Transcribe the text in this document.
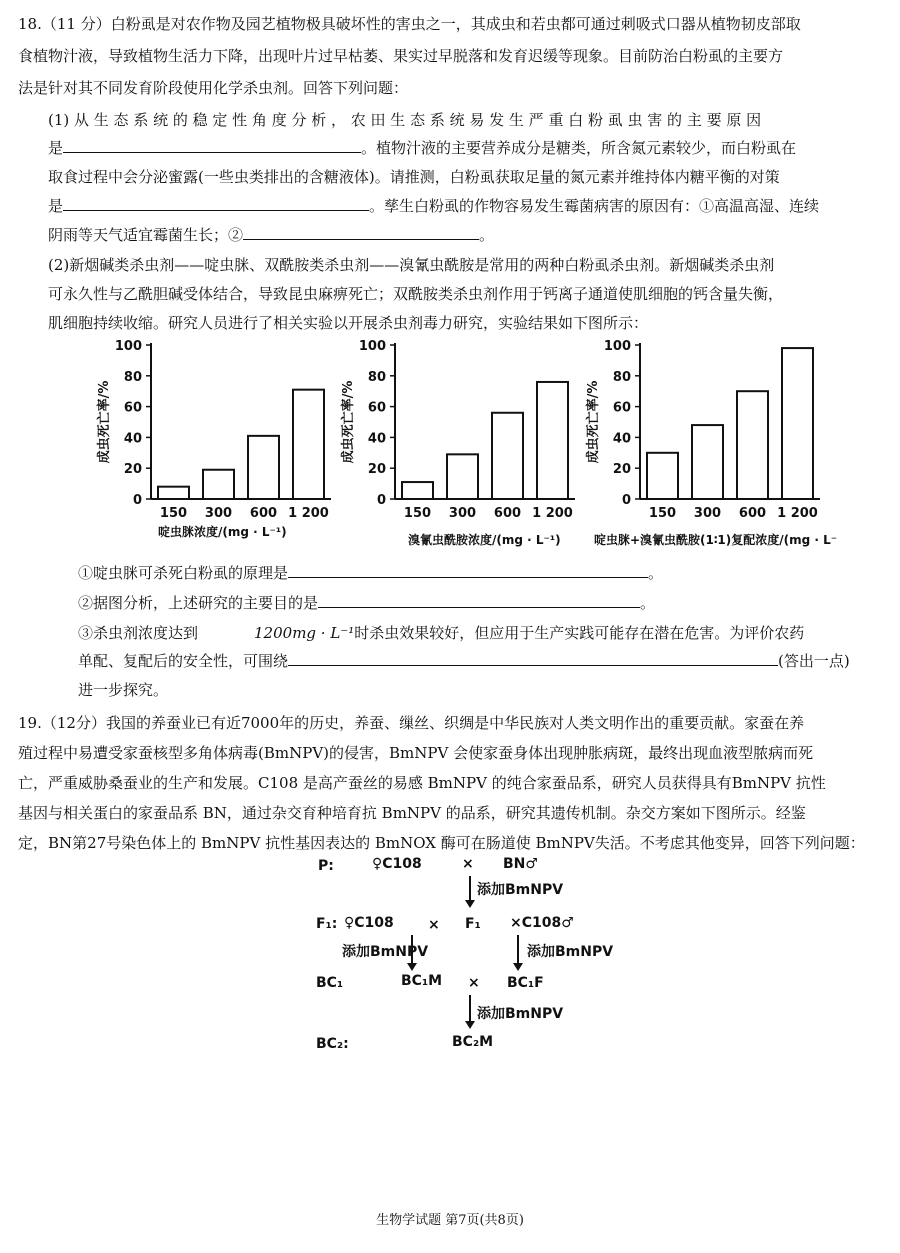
18.（11 分）白粉虱是对农作物及园艺植物极具破坏性的害虫之一，其成虫和若虫都可通过刺吸式口器从植物韧皮部取
食植物汁液，导致植物生活力下降，出现叶片过早枯萎、果实过早脱落和发育迟缓等现象。目前防治白粉虱的主要方
法是针对其不同发育阶段使用化学杀虫剂。回答下列问题：
(1) 从 生 态 系 统 的 稳 定 性 角 度 分 析 ， 农 田 生 态 系 统 易 发 生 严 重 白 粉 虱 虫 害 的 主 要 原 因
是	。植物汁液的主要营养成分是糖类，所含氮元素较少，而白粉虱在
取食过程中会分泌蜜露(一些虫类排出的含糖液体)。请推测，白粉虱获取足量的氮元素并维持体内糖平衡的对策
是	。孳生白粉虱的作物容易发生霉菌病害的原因有：①高温高湿、连续
阴雨等天气适宜霉菌生长；②	。
(2)新烟碱类杀虫剂——啶虫脒、双酰胺类杀虫剂——溴氰虫酰胺是常用的两种白粉虱杀虫剂。新烟碱类杀虫剂
可永久性与乙酰胆碱受体结合，导致昆虫麻痹死亡；双酰胺类杀虫剂作用于钙离子通道使肌细胞的钙含量失衡，
肌细胞持续收缩。研究人员进行了相关实验以开展杀虫剂毒力研究，实验结果如下图所示：
0
20
40
60
80
100
成虫死亡率/%
150 300 600 1 200
0
20
40
60
80
100
成虫死亡率/%
150 300 600 1 200
0
20
40
60
80
100
成虫死亡率/%
150 300 600 1 200
啶虫脒浓度/(mg · L⁻¹)
溴氰虫酰胺浓度/(mg · L⁻¹)	啶虫脒+溴氰虫酰胺(1∶1)复配浓度/(mg · L⁻
①啶虫脒可杀死白粉虱的原理是	。
②据图分析，上述研究的主要目的是	。
③杀虫剂浓度达到	1200mg · L⁻¹时杀虫效果较好，但应用于生产实践可能存在潜在危害。为评价农药
单配、复配后的安全性，可围绕	(答出一点)
进一步探究。
19.（12分）我国的养蚕业已有近7000年的历史，养蚕、缫丝、织绸是中华民族对人类文明作出的重要贡献。家蚕在养
殖过程中易遭受家蚕核型多角体病毒(BmNPV)的侵害，BmNPV 会使家蚕身体出现肿胀病斑，最终出现血液型脓病而死
亡，严重威胁桑蚕业的生产和发展。C108 是高产蚕丝的易感 BmNPV 的纯合家蚕品系，研究人员获得具有BmNPV 抗性
基因与相关蛋白的家蚕品系 BN，通过杂交育种培育抗 BmNPV 的品系，研究其遗传机制。杂交方案如下图所示。经鉴
定，BN第27号染色体上的 BmNPV 抗性基因表达的 BmNOX 酶可在肠道使 BmNPV失活。不考虑其他变异，回答下列问题：
P:	♀C108	× BN♂
添加BmNPV
F₁: ♀C108 × F₁ ×C108♂
添加BmNPV	添加BmNPV
BC₁	BC₁M × BC₁F
添加BmNPV
BC₂:	BC₂M
生物学试题 第7页(共8页)
